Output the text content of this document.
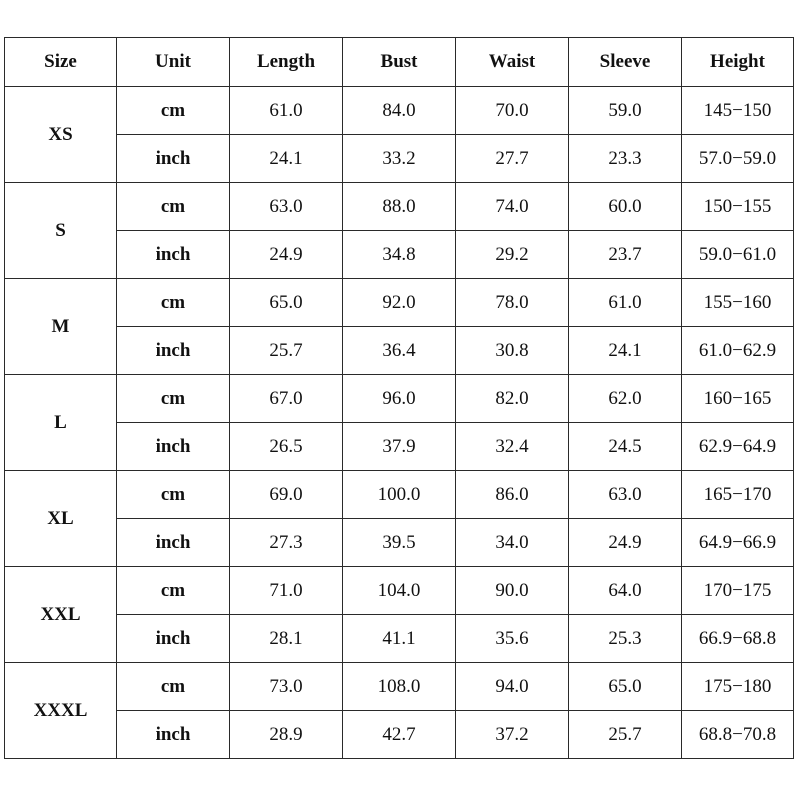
Size	Unit	Length	Bust	Waist	Sleeve	Height
XS	cm	61.0	84.0	70.0	59.0	145−150
	inch	24.1	33.2	27.7	23.3	57.0−59.0
S	cm	63.0	88.0	74.0	60.0	150−155
	inch	24.9	34.8	29.2	23.7	59.0−61.0
M	cm	65.0	92.0	78.0	61.0	155−160
	inch	25.7	36.4	30.8	24.1	61.0−62.9
L	cm	67.0	96.0	82.0	62.0	160−165
	inch	26.5	37.9	32.4	24.5	62.9−64.9
XL	cm	69.0	100.0	86.0	63.0	165−170
	inch	27.3	39.5	34.0	24.9	64.9−66.9
XXL	cm	71.0	104.0	90.0	64.0	170−175
	inch	28.1	41.1	35.6	25.3	66.9−68.8
XXXL	cm	73.0	108.0	94.0	65.0	175−180
	inch	28.9	42.7	37.2	25.7	68.8−70.8
